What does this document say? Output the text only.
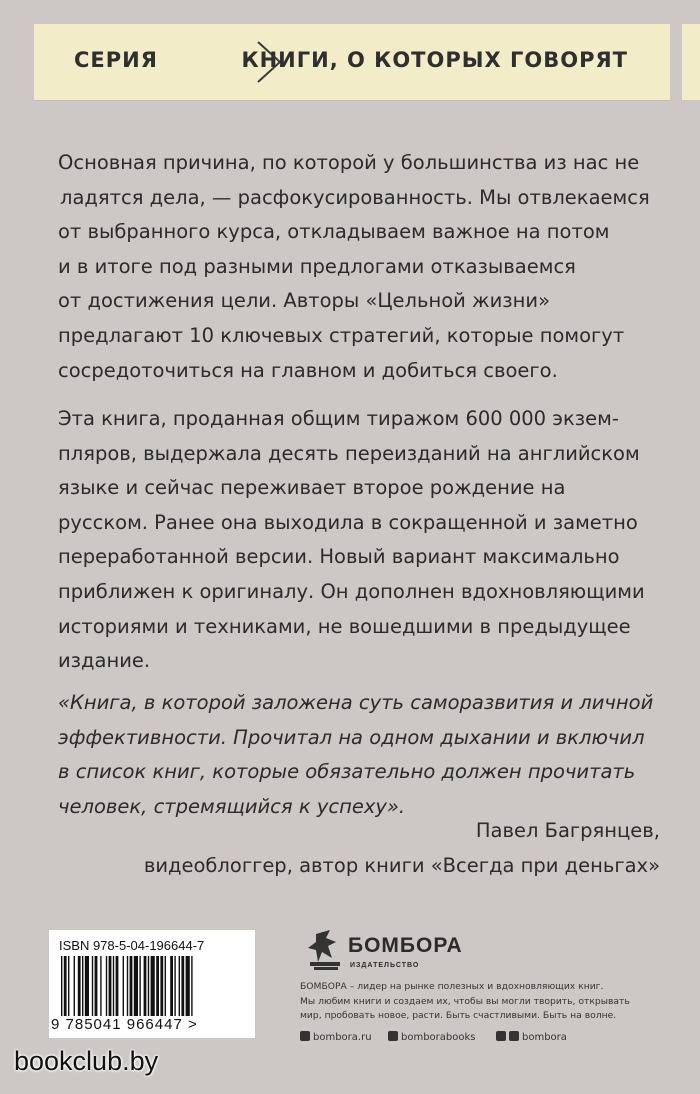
СЕРИЯ	КНИГИ, О КОТОРЫХ ГОВОРЯТ

Основная причина, по которой у большинства из нас не

ладятся дела, — расфокусированность. Мы отвлекаемся

от выбранного курса, откладываем важное на потом

и в итоге под разными предлогами отказываемся

от достижения цели. Авторы «Цельной жизни»

предлагают 10 ключевых стратегий, которые помогут

сосредоточиться на главном и добиться своего.

Эта книга, проданная общим тиражом 600 000 экзем-

пляров, выдержала десять переизданий на английском

языке и сейчас переживает второе рождение на

русском. Ранее она выходила в сокращенной и заметно

переработанной версии. Новый вариант максимально

приближен к оригиналу. Он дополнен вдохновляющими

историями и техниками, не вошедшими в предыдущее

издание.

«Книга, в которой заложена суть саморазвития и личной
эффективности. Прочитал на одном дыхании и включил
в список книг, которые обязательно должен прочитать
человек, стремящийся к успеху».
Павел Багрянцев,
видеоблоггер, автор книги «Всегда при деньгах»
ISBN 978-5-04-196644-7
9 785041 966447 >
БОМБОРА
ИЗДАТЕЛЬСТВО
БОМБОРА – лидер на рынке полезных и вдохновляющих книг.
Мы любим книги и создаем их, чтобы вы могли творить, открывать
мир, пробовать новое, расти. Быть счастливыми. Быть на волне.
bombora.ru	bomborabooks	bombora
bookclub.by
